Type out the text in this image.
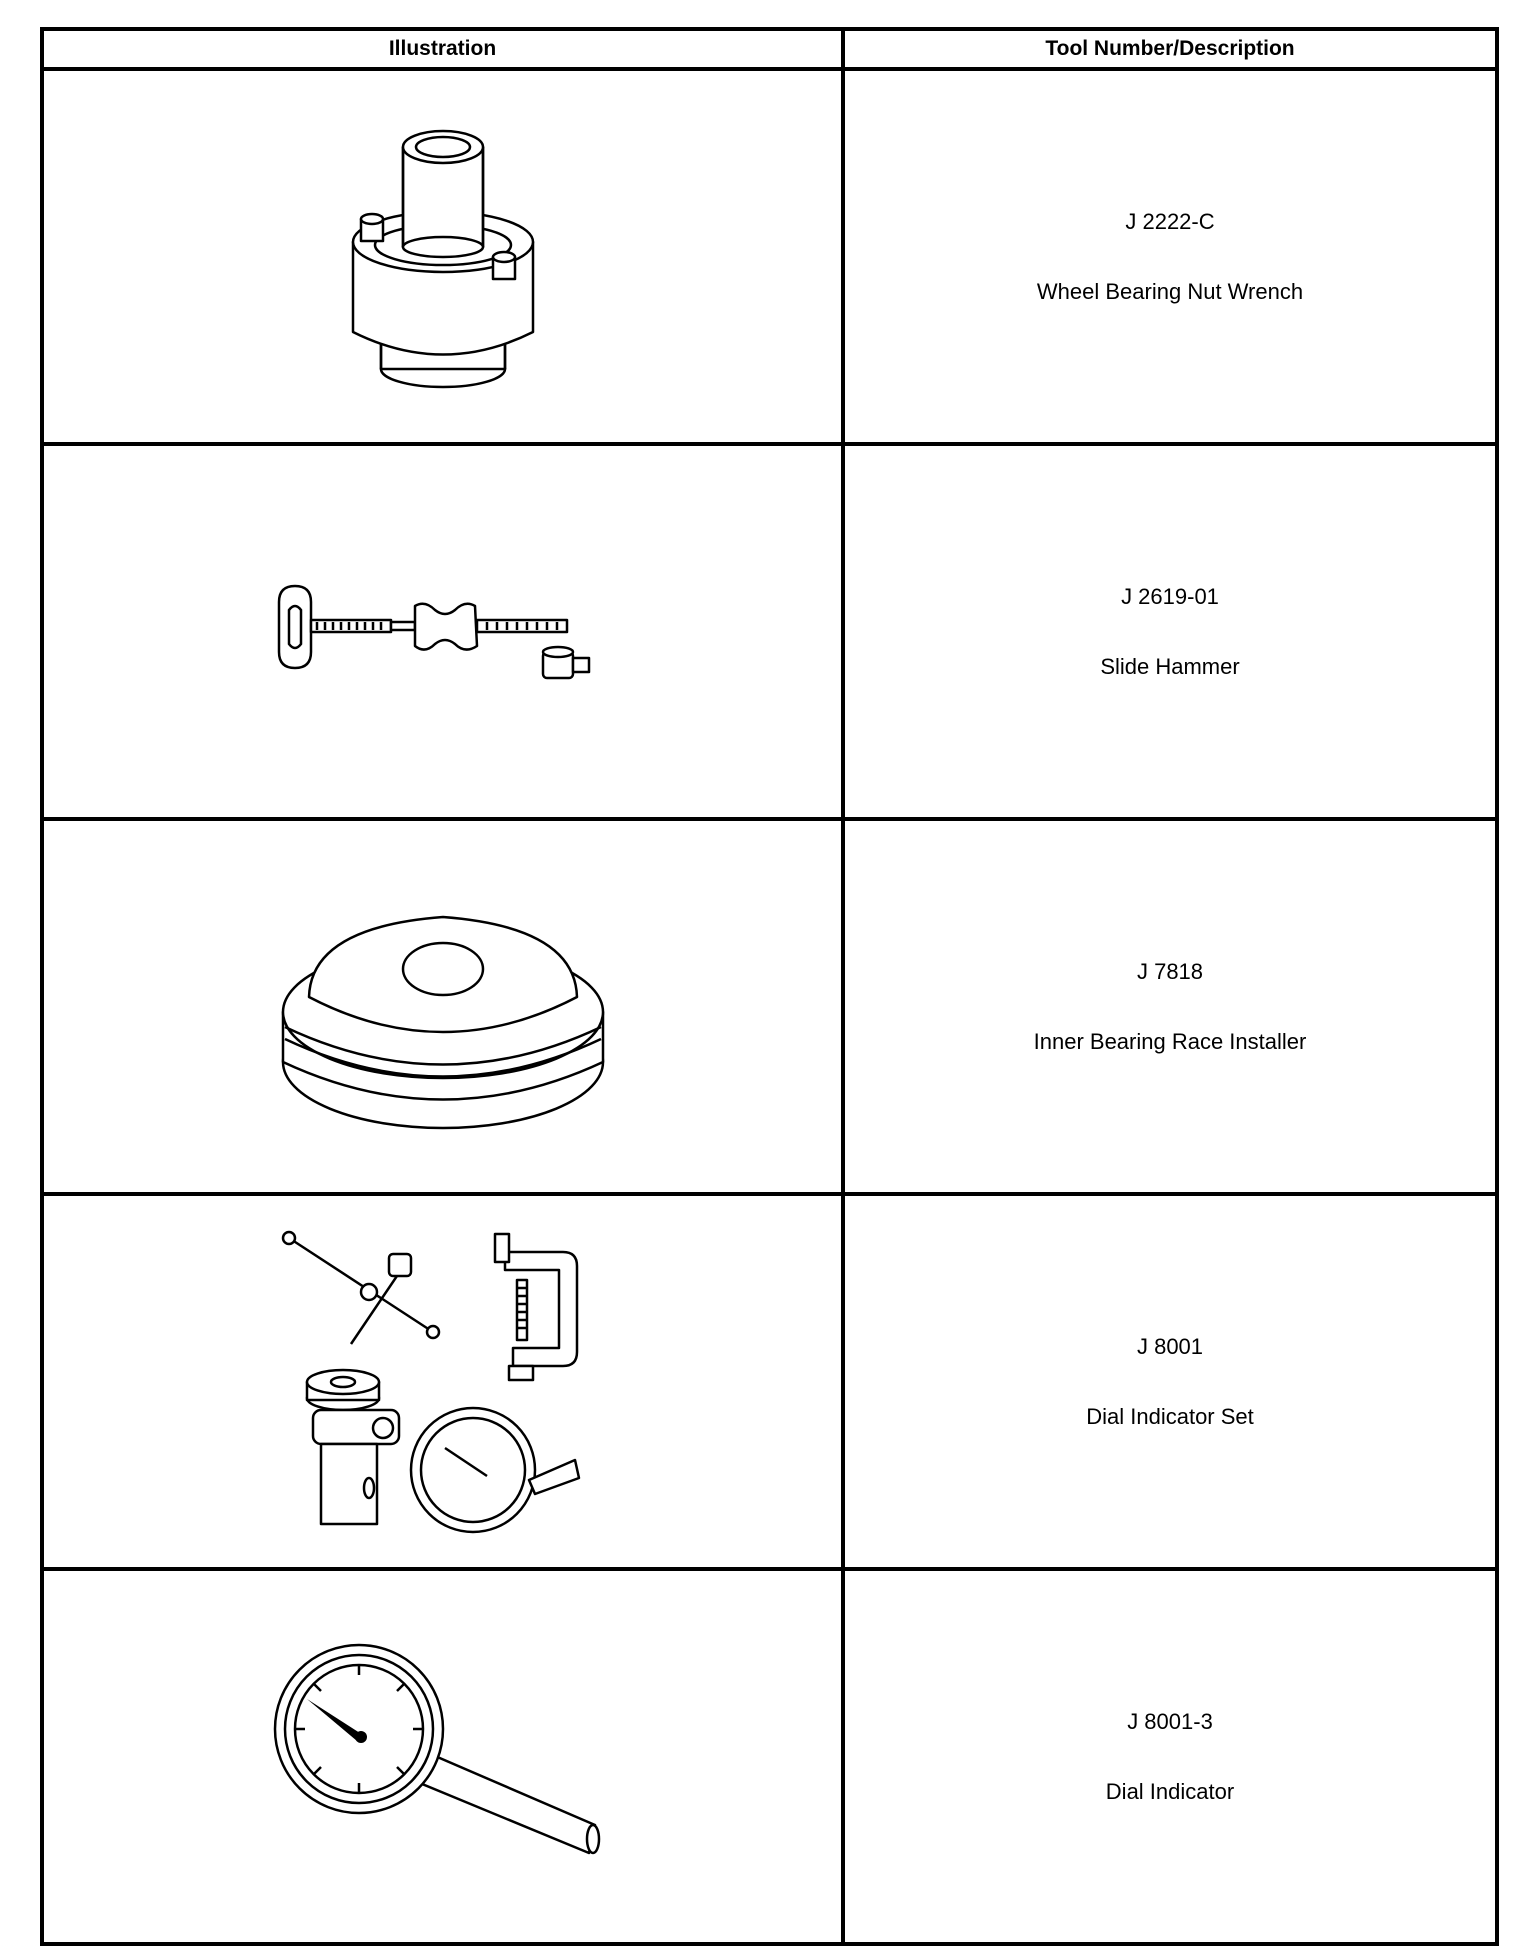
Illustration	Tool Number/Description

J 2222-C
Wheel Bearing Nut Wrench

J 2619-01
Slide Hammer

J 7818
Inner Bearing Race Installer

J 8001
Dial Indicator Set

J 8001-3
Dial Indicator
